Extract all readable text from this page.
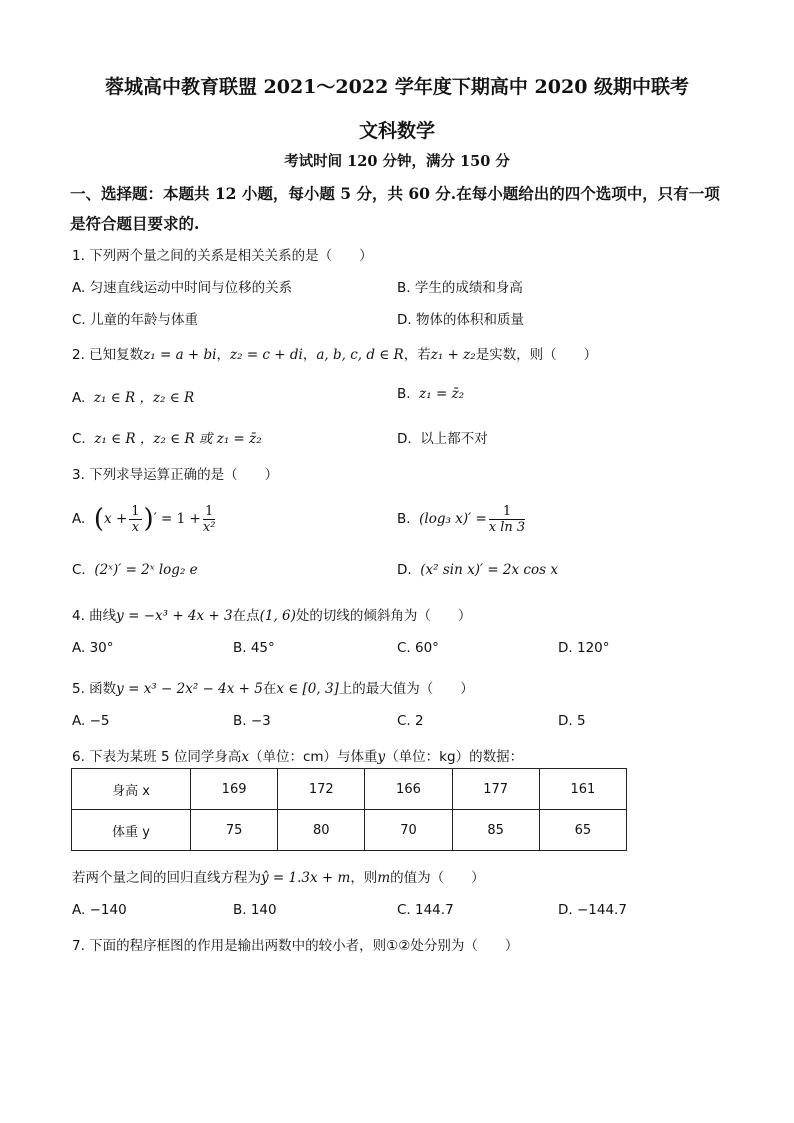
蓉城高中教育联盟 2021～2022 学年度下期高中 2020 级期中联考
文科数学
考试时间 120 分钟，满分 150 分
一、选择题：本题共 12 小题，每小题 5 分，共 60 分.在每小题给出的四个选项中，只有一项
是符合题目要求的.
1. 下列两个量之间的关系是相关关系的是（　　）
A. 匀速直线运动中时间与位移的关系	B. 学生的成绩和身高
C. 儿童的年龄与体重	D. 物体的体积和质量
2. 已知复数z₁ = a + bi，z₂ = c + di，a, b, c, d ∈ R，若z₁ + z₂是实数，则（　　）
A. z₁ ∈ R ，z₂ ∈ R	B. z₁ = z̄₂
C. z₁ ∈ R ，z₂ ∈ R 或 z₁ = z̄₂	D. 以上都不对
3. 下列求导运算正确的是（　　）
A.
( $x + \frac{1}{x}$ ) ′ = $1 + \frac{1}{\text{x²}}$	B.
(log₃ $x)' = \frac{1}{\text{x ln 3}}$
C. (2ˣ)′ = 2ˣ log₂ e	D. (x² sin x)′ = 2x cos x
4. 曲线y = −x³ + 4x + 3在点(1, 6)处的切线的倾斜角为（　　）
A. 30°	B. 45°	C. 60°	D. 120°
5. 函数y = x³ − 2x² − 4x + 5在x ∈ [0, 3]上的最大值为（　　）
A. −5	B. −3	C. 2	D. 5
6. 下表为某班 5 位同学身高x（单位：cm）与体重y（单位：kg）的数据：
身高 x	169	172	166	177	161
体重 y	75	80	70	85	65
若两个量之间的回归直线方程为ŷ = 1.3x + m，则m的值为（　　）
A. −140	B. 140	C. 144.7	D. −144.7
7. 下面的程序框图的作用是输出两数中的较小者，则①②处分别为（　　）
